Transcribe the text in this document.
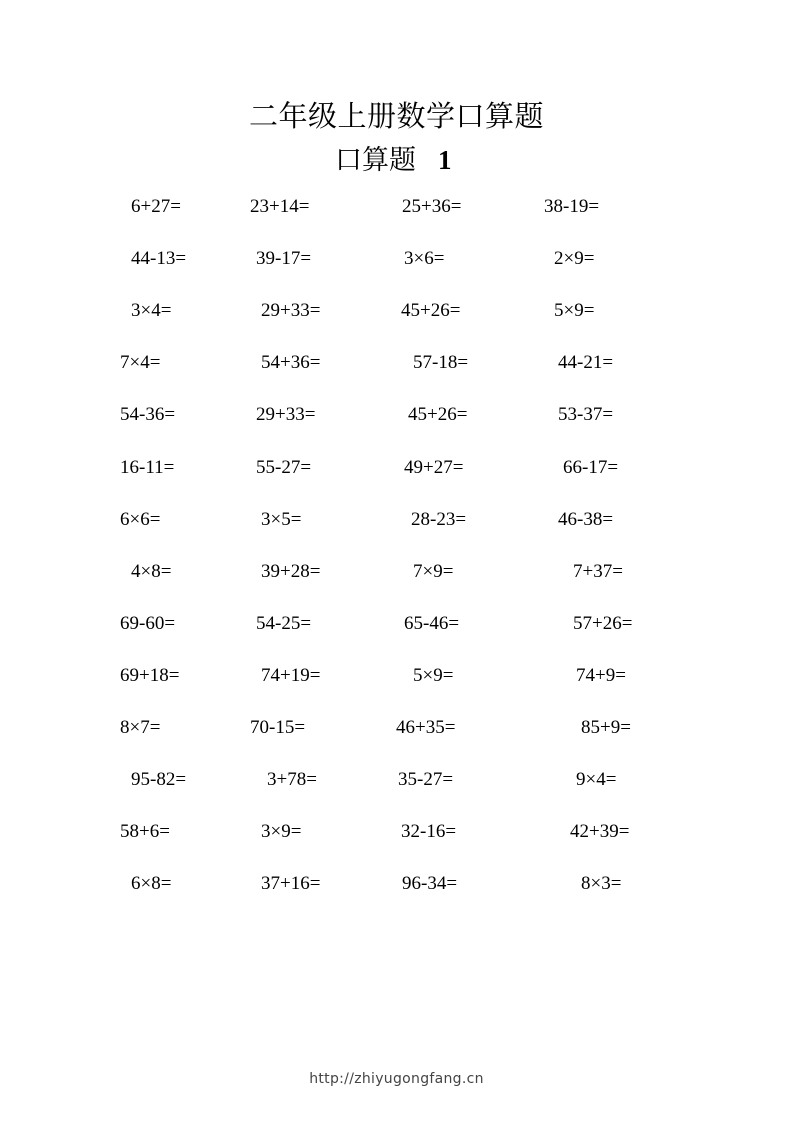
二年级上册数学口算题
口算题 1
6+27=	23+14=	25+36=	38-19=
44-13=	39-17=	3×6=	2×9=
3×4=	29+33=	45+26=	5×9=
7×4=	54+36=	57-18=	44-21=
54-36=	29+33=	45+26=	53-37=
16-11=	55-27=	49+27=	66-17=
6×6=	3×5=	28-23=	46-38=
4×8=	39+28=	7×9=	7+37=
69-60=	54-25=	65-46=	57+26=
69+18=	74+19=	5×9=	74+9=
8×7=	70-15=	46+35=	85+9=
95-82=	3+78=	35-27=	9×4=
58+6=	3×9=	32-16=	42+39=
6×8=	37+16=	96-34=	8×3=
http://zhiyugongfang.cn
